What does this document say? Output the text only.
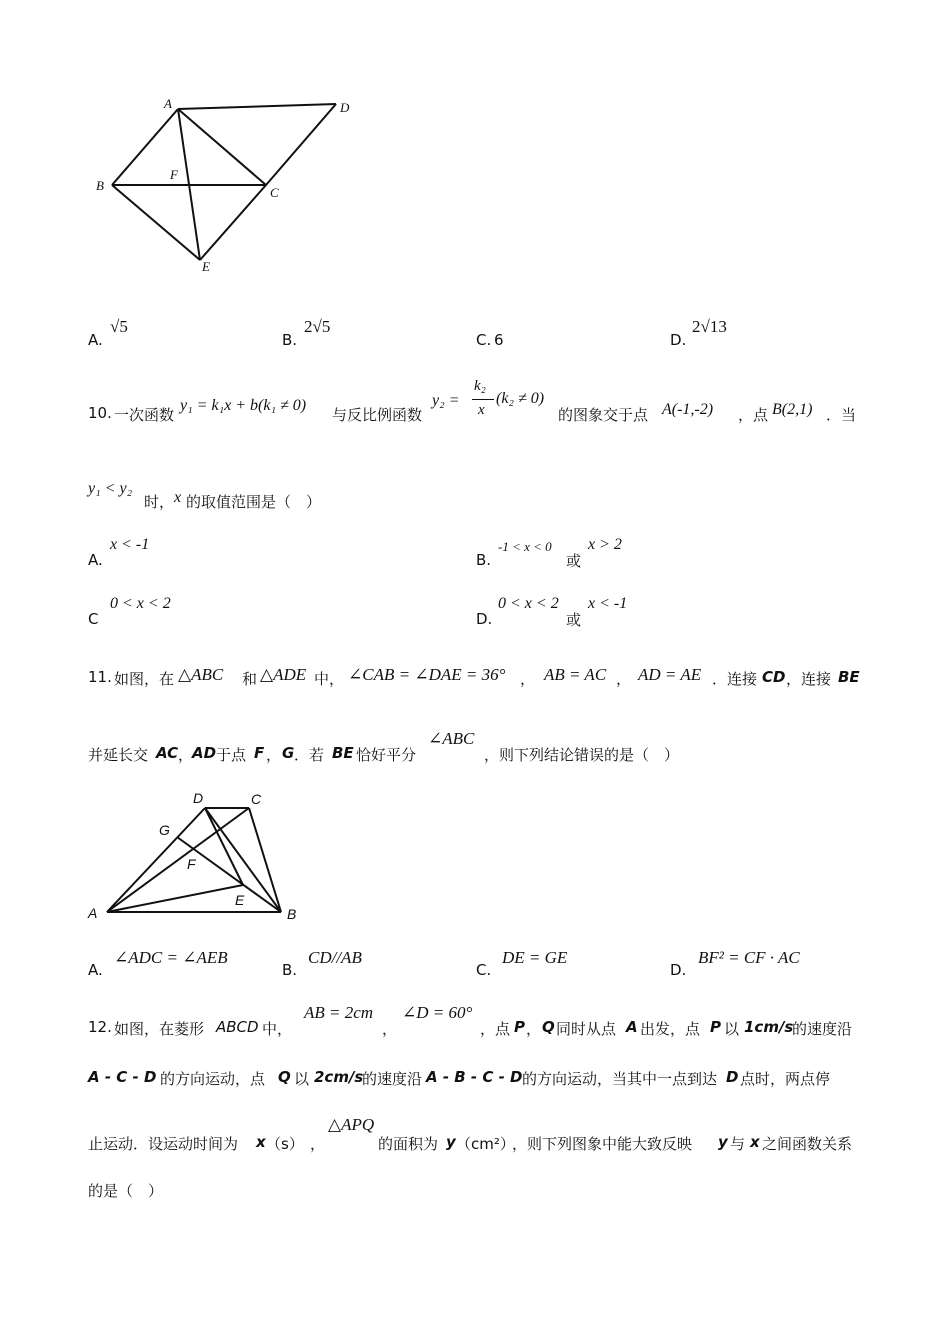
A	D
B
F
C
E
A.
√5
B.
2√5
C. 6	D.
2√13
10. 一次函数
y₁ = k₁x + b(k₁ ≠ 0)
与反比例函数
y₂ =
k₂
x
(k₂ ≠ 0)
的图象交于点 A(-1,-2) ，点 B(2,1) ．当
y₁ < y₂
时， x 的取值范围是（　）
A.
x < -1
B.
-1 < x < 0
或
x > 2
C
0 < x < 2
D.
0 < x < 2
或
x < -1
11. 如图，在 △ABC 和 △ADE 中， ∠CAB = ∠DAE = 36° ， AB = AC ， AD = AE ．连接 CD ，连接 BE
并延长交 AC ，
AD 于点 F ， G ．若 BE 恰好平分
∠ABC
，则下列结论错误的是（　）
D	C
G
F
E
A	B
A.
∠ADC = ∠AEB
B.
CD//AB
C.
DE = GE
D.
BF² = CF · AC
12. 如图，在菱形 ABCD 中，
AB = 2cm
，
∠D = 60°
，点 P ， Q 同时从点 A 出发，点 P 以 1cm/s
的速度沿
A - C - D 的方向运动，点 Q 以 2cm/s
的速度沿 A - B - C - D 的方向运动，当其中一点到达 D 点时，两点停
止运动．设运动时间为 x （s） ，
△APQ
的面积为 y （cm²）
，则下列图象中能大致反映 y 与 x 之间函数关系
的是（　）
